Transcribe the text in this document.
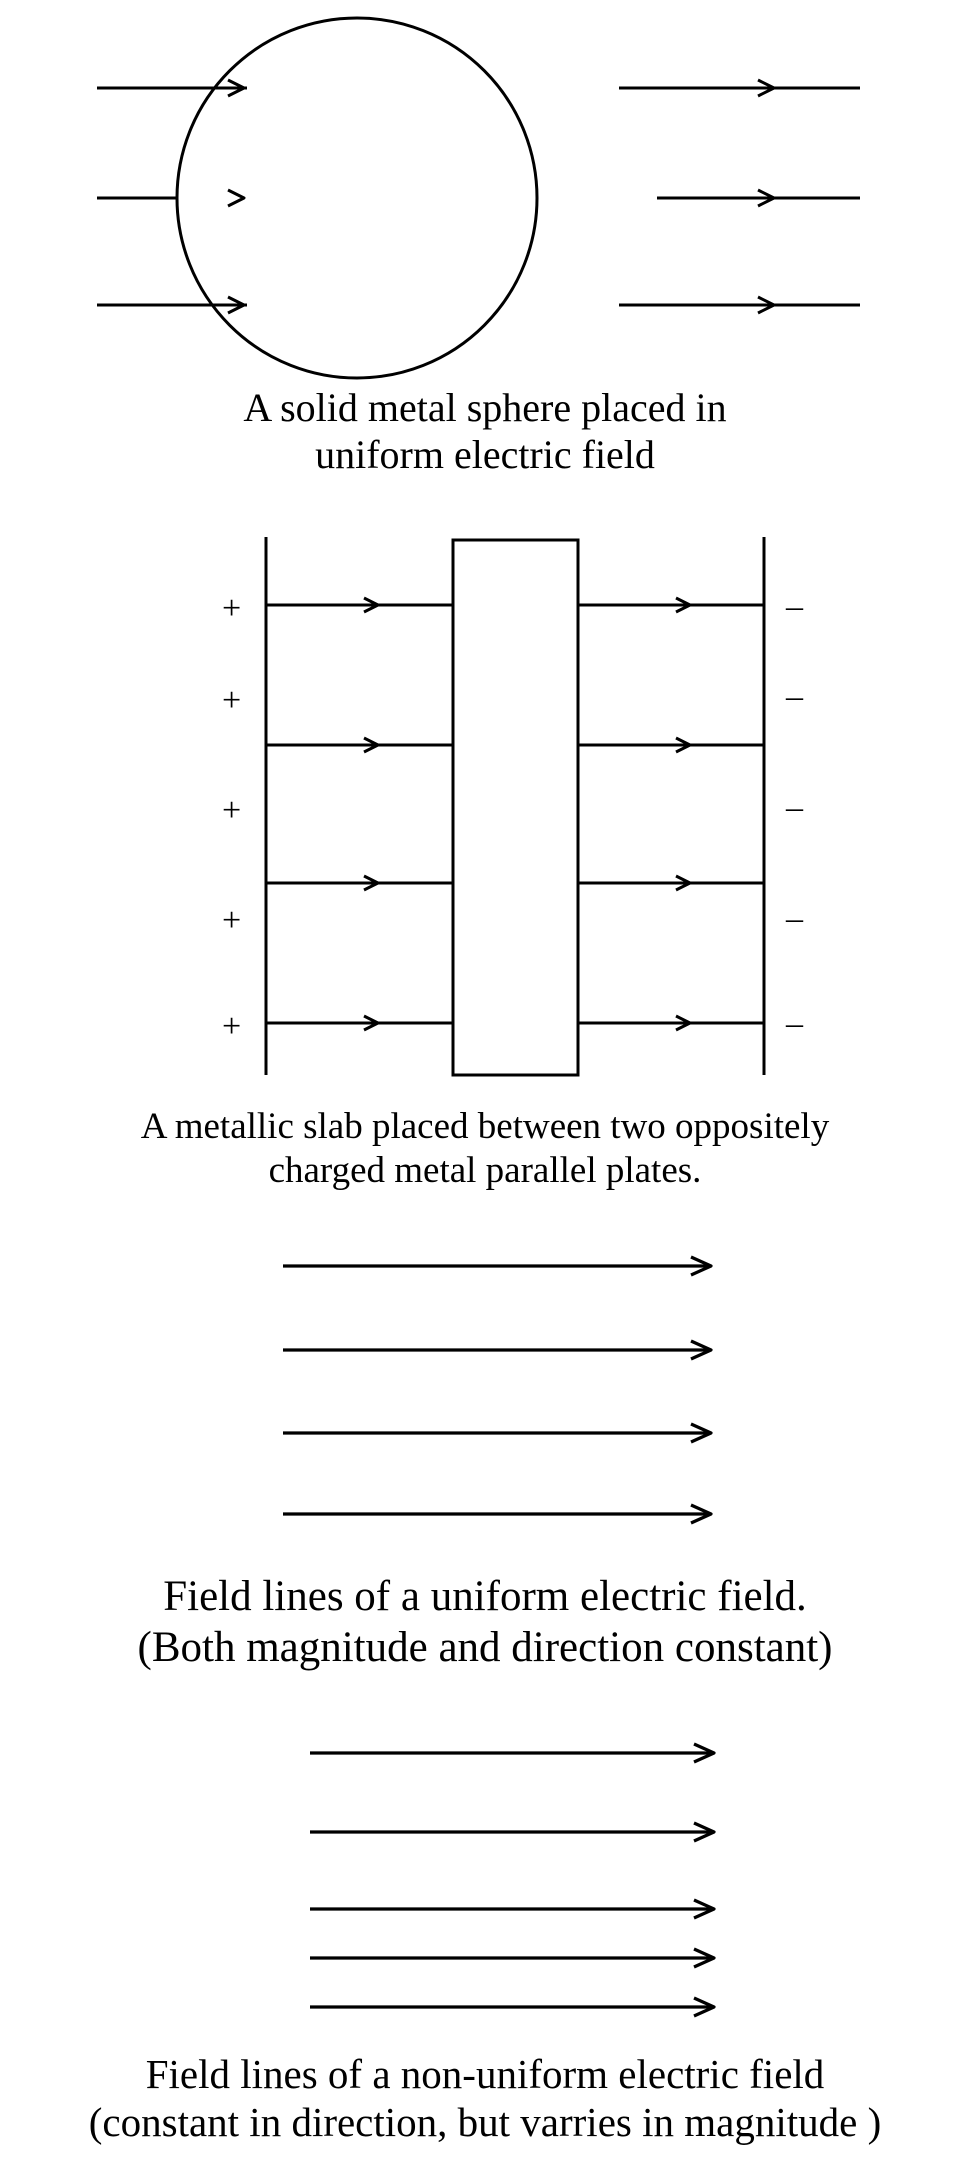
+
+
+
+
+
–
–
–
–
–
A solid metal sphere placed in
uniform electric field
A metallic slab placed between two oppositely
charged metal parallel plates.
Field lines of a uniform electric field.
(Both magnitude and direction constant)
Field lines of a non-uniform electric field
(constant in direction, but varries in magnitude )
